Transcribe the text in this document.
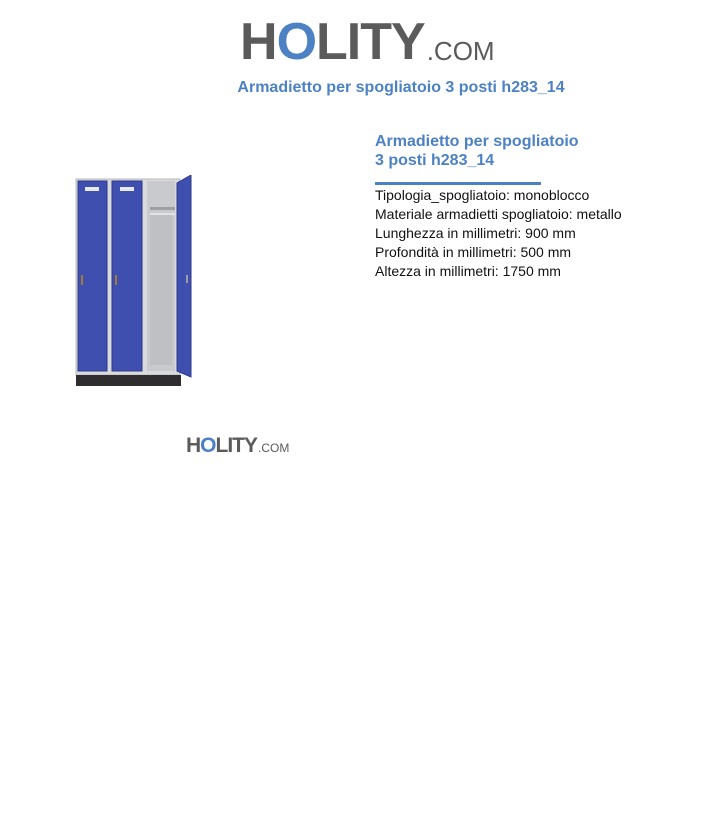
HOLITY .COM
Armadietto per spogliatoio 3 posti h283_14
HOLITY .COM
Armadietto per spogliatoio
3 posti h283_14
Tipologia_spogliatoio: monoblocco
Materiale armadietti spogliatoio: metallo
Lunghezza in millimetri: 900 mm
Profondità in millimetri: 500 mm
Altezza in millimetri: 1750 mm
